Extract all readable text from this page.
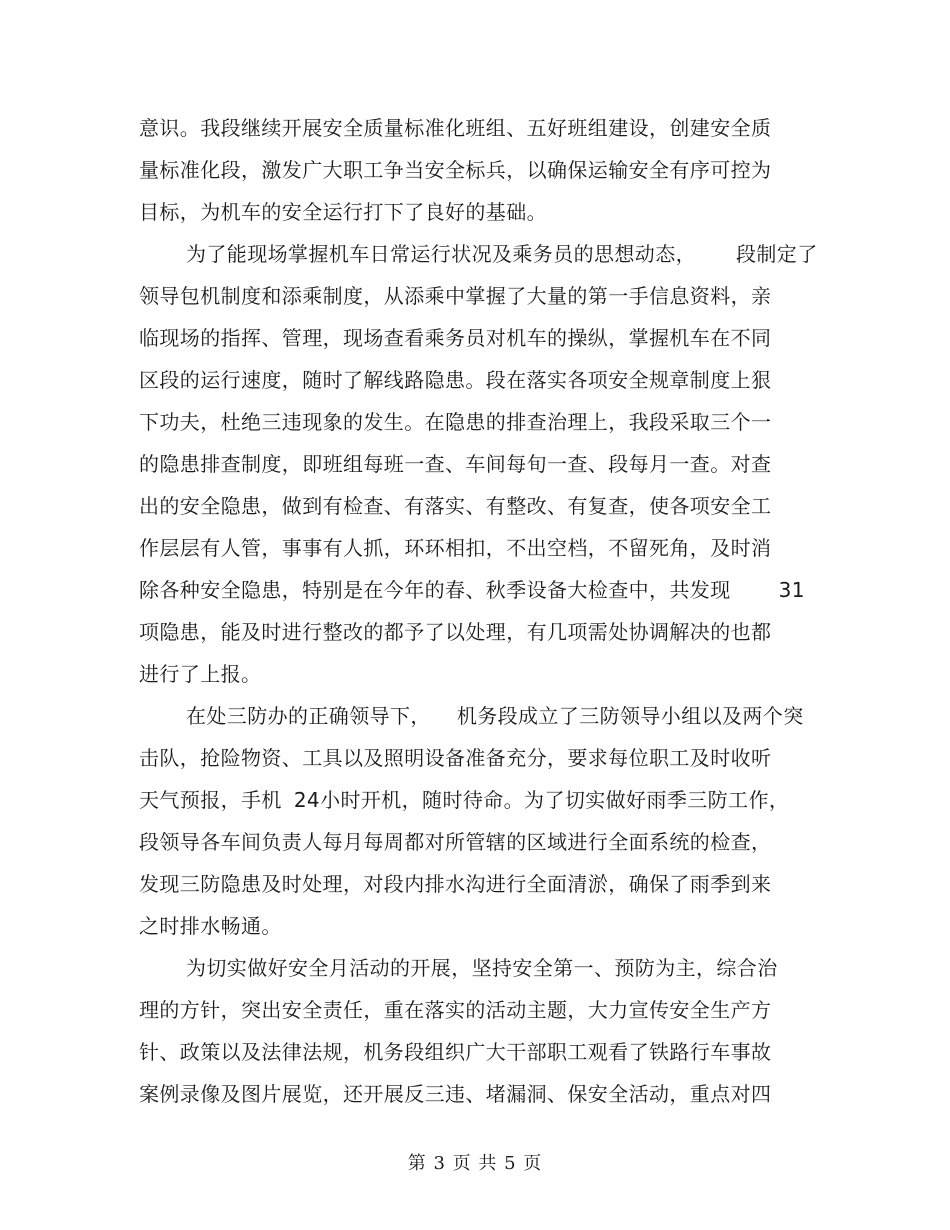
意识。我段继续开展安全质量标准化班组、五好班组建设，创建安全质
量标准化段，激发广大职工争当安全标兵，以确保运输安全有序可控为
目标，为机车的安全运行打下了良好的基础。
为了能现场掌握机车日常运行状况及乘务员的思想动态， 段制定了
领导包机制度和添乘制度，从添乘中掌握了大量的第一手信息资料，亲
临现场的指挥、管理，现场查看乘务员对机车的操纵，掌握机车在不同
区段的运行速度，随时了解线路隐患。段在落实各项安全规章制度上狠
下功夫，杜绝三违现象的发生。在隐患的排查治理上，我段采取三个一
的隐患排查制度，即班组每班一查、车间每旬一查、段每月一查。对查
出的安全隐患，做到有检查、有落实、有整改、有复查，使各项安全工
作层层有人管，事事有人抓，环环相扣，不出空档，不留死角，及时消
除各种安全隐患，特别是在今年的春、秋季设备大检查中，共发现 31
项隐患，能及时进行整改的都予了以处理，有几项需处协调解决的也都
进行了上报。
在处三防办的正确领导下， 机务段成立了三防领导小组以及两个突
击队，抢险物资、工具以及照明设备准备充分，要求每位职工及时收听
天气预报，手机 24小时开机，随时待命。为了切实做好雨季三防工作，
段领导各车间负责人每月每周都对所管辖的区域进行全面系统的检查，
发现三防隐患及时处理，对段内排水沟进行全面清淤，确保了雨季到来
之时排水畅通。
为切实做好安全月活动的开展，坚持安全第一、预防为主，综合治
理的方针，突出安全责任，重在落实的活动主题，大力宣传安全生产方
针、政策以及法律法规，机务段组织广大干部职工观看了铁路行车事故
案例录像及图片展览，还开展反三违、堵漏洞、保安全活动，重点对四
第 3 页 共 5 页
